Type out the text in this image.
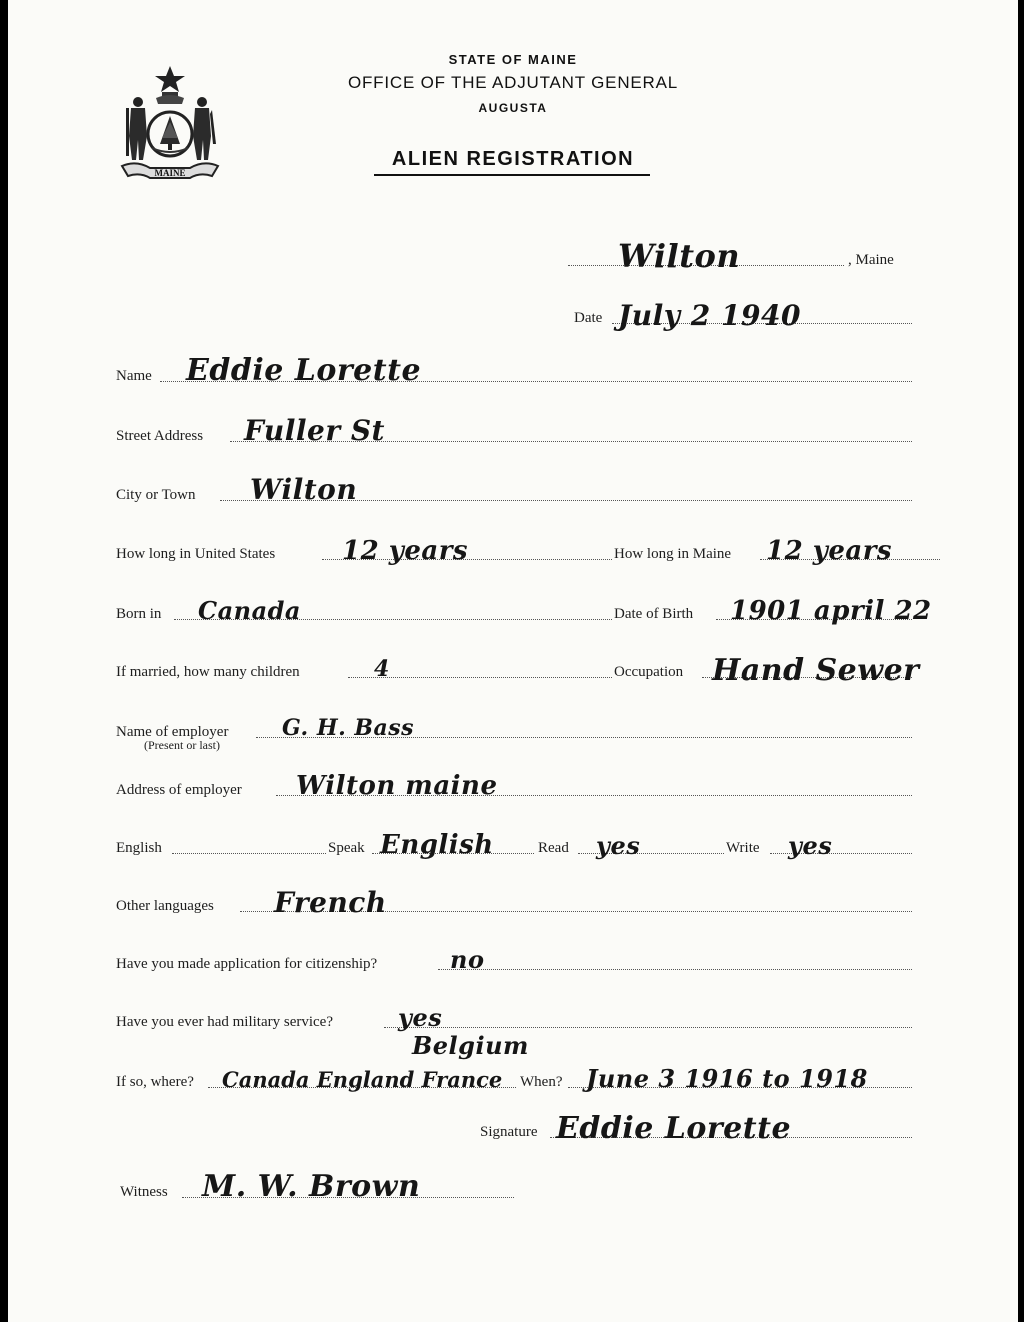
MAINE
STATE OF MAINE
OFFICE OF THE ADJUTANT GENERAL
AUGUSTA
ALIEN REGISTRATION
Wilton	, Maine
Date July 2 1940
Name Eddie Lorette
Street Address Fuller St
City or Town Wilton
How long in United States	12 years	How long in Maine 12 years
Born in Canada	Date of Birth 1901 april 22
If married, how many children	4	Occupation Hand Sewer
Name of employer G. H. Bass
(Present or last)
Address of employer Wilton maine
English	Speak English	Read yes	Write yes
Other languages French
Have you made application for citizenship?	no
Have you ever had military service?	yes
Belgium
If so, where? Canada England France When? June 3 1916 to 1918
Signature Eddie Lorette
Witness M. W. Brown
